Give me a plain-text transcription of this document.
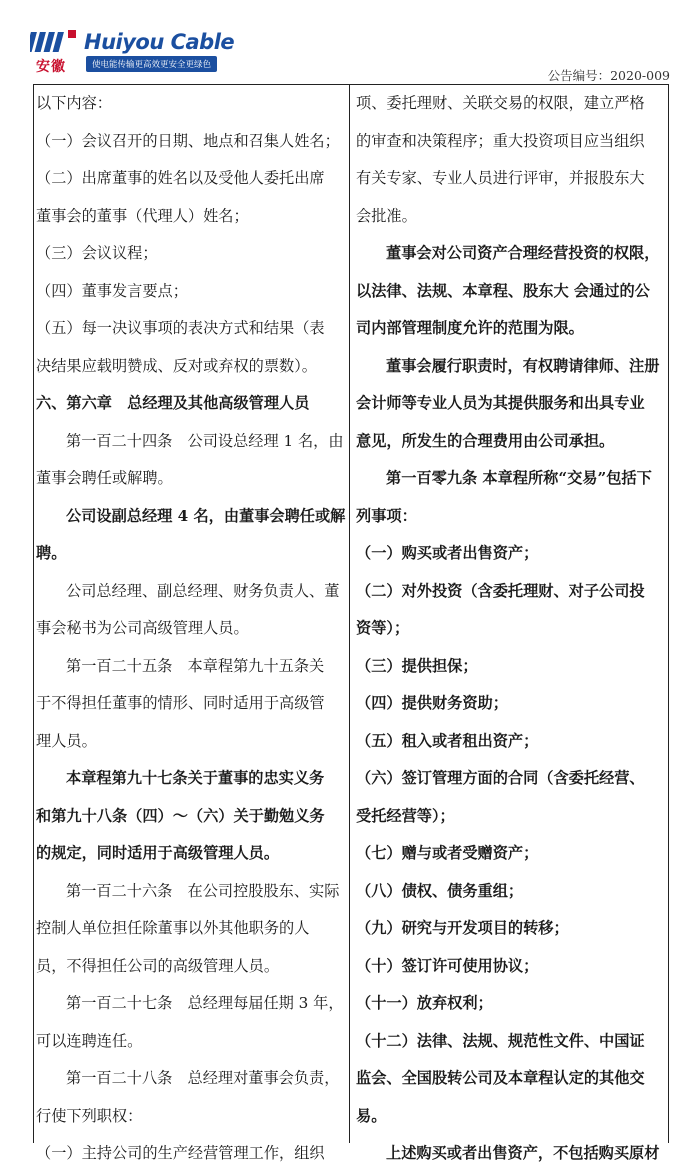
安徽
Huiyou Cable
使电能传输更高效更安全更绿色
公告编号：2020-009

以下内容：

（一）会议召开的日期、地点和召集人姓名；

（二）出席董事的姓名以及受他人委托出席

董事会的董事（代理人）姓名；

（三）会议议程；

（四）董事发言要点；

（五）每一决议事项的表决方式和结果（表

决结果应载明赞成、反对或弃权的票数）。

六、第六章　总经理及其他高级管理人员

第一百二十四条　公司设总经理 1 名，由

董事会聘任或解聘。

公司设副总经理 4 名，由董事会聘任或解

聘。

公司总经理、副总经理、财务负责人、董

事会秘书为公司高级管理人员。

第一百二十五条　本章程第九十五条关

于不得担任董事的情形、同时适用于高级管

理人员。

本章程第九十七条关于董事的忠实义务

和第九十八条（四）～（六）关于勤勉义务

的规定，同时适用于高级管理人员。

第一百二十六条　在公司控股股东、实际

控制人单位担任除董事以外其他职务的人

员，不得担任公司的高级管理人员。

第一百二十七条　总经理每届任期 3 年，

可以连聘连任。

第一百二十八条　总经理对董事会负责，

行使下列职权：

（一）主持公司的生产经营管理工作，组织

项、委托理财、关联交易的权限，建立严格

的审查和决策程序；重大投资项目应当组织

有关专家、专业人员进行评审，并报股东大

会批准。

董事会对公司资产合理经营投资的权限，

以法律、法规、本章程、股东大 会通过的公

司内部管理制度允许的范围为限。

董事会履行职责时，有权聘请律师、注册

会计师等专业人员为其提供服务和出具专业

意见，所发生的合理费用由公司承担。

第一百零九条 本章程所称“交易”包括下

列事项：

（一）购买或者出售资产；

（二）对外投资（含委托理财、对子公司投

资等）；

（三）提供担保；

（四）提供财务资助；

（五）租入或者租出资产；

（六）签订管理方面的合同（含委托经营、

受托经营等）；

（七）赠与或者受赠资产；

（八）债权、债务重组；

（九）研究与开发项目的转移；

（十）签订许可使用协议；

（十一）放弃权利；

（十二）法律、法规、规范性文件、中国证

监会、全国股转公司及本章程认定的其他交

易。

上述购买或者出售资产，不包括购买原材
